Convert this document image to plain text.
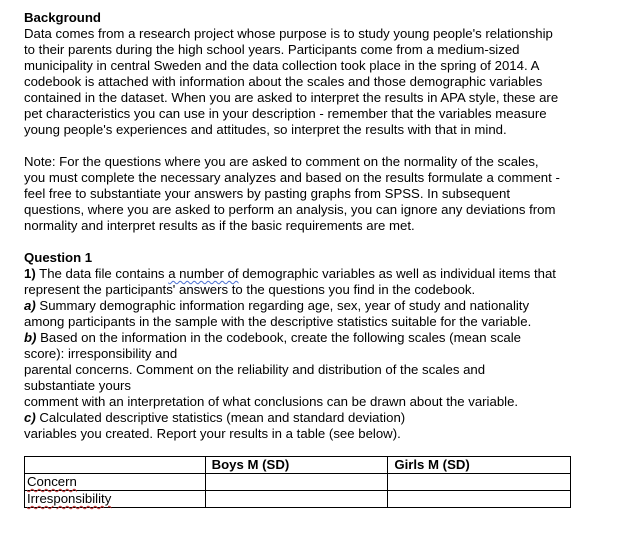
Background
Data comes from a research project whose purpose is to study young people's relationship
to their parents during the high school years. Participants come from a medium-sized
municipality in central Sweden and the data collection took place in the spring of 2014. A
codebook is attached with information about the scales and those demographic variables
contained in the dataset. When you are asked to interpret the results in APA style, these are
pet characteristics you can use in your description - remember that the variables measure
young people's experiences and attitudes, so interpret the results with that in mind.
Note: For the questions where you are asked to comment on the normality of the scales,
you must complete the necessary analyzes and based on the results formulate a comment -
feel free to substantiate your answers by pasting graphs from SPSS. In subsequent
questions, where you are asked to perform an analysis, you can ignore any deviations from
normality and interpret results as if the basic requirements are met.
Question 1
1) The data file contains a number of demographic variables as well as individual items that
represent the participants' answers to the questions you find in the codebook.
a) Summary demographic information regarding age, sex, year of study and nationality
among participants in the sample with the descriptive statistics suitable for the variable.
b) Based on the information in the codebook, create the following scales (mean scale
score): irresponsibility and
parental concerns. Comment on the reliability and distribution of the scales and
substantiate yours
comment with an interpretation of what conclusions can be drawn about the variable.
c) Calculated descriptive statistics (mean and standard deviation)
variables you created. Report your results in a table (see below).
	Boys M (SD)	Girls M (SD)
Concern		
Irresponsibility		
